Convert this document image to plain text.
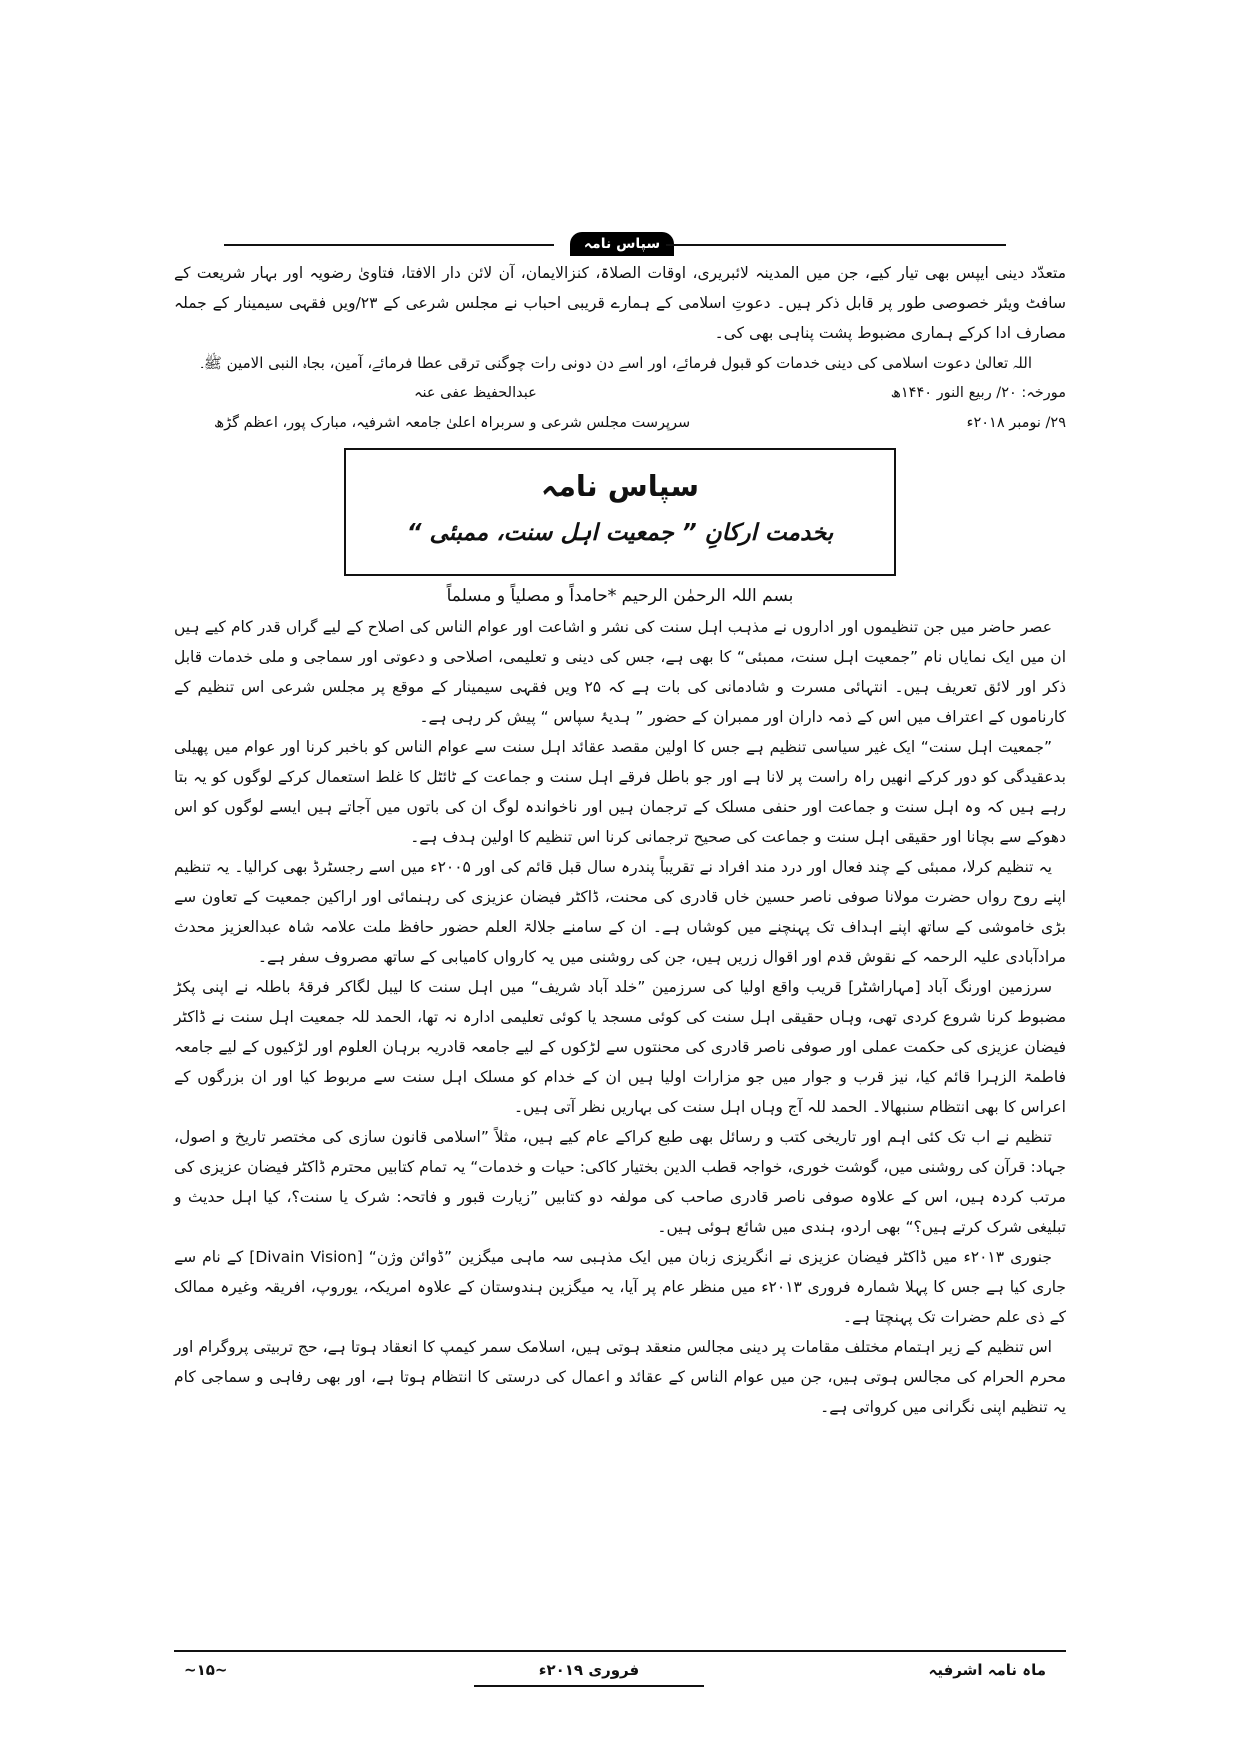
سپاس نامہ

متعدّد دینی ایپس بھی تیار کیے، جن میں المدینہ لائبریری، اوقات الصلاۃ، کنزالایمان، آن لائن دار الافتا، فتاویٰ رضویہ اور بہار شریعت کے سافٹ ویئر خصوصی طور پر قابل ذکر ہیں۔ دعوتِ اسلامی کے ہمارے قریبی احباب نے مجلس شرعی کے ۲۳/ویں فقہی سیمینار کے جملہ مصارف ادا کرکے ہماری مضبوط پشت پناہی بھی کی۔

اللہ تعالیٰ دعوت اسلامی کی دینی خدمات کو قبول فرمائے، اور اسے دن دونی رات چوگنی ترقی عطا فرمائے، آمین، بجاہ النبی الامین ﷺ۔

مورخہ: ۲۰/ ربیع النور ۱۴۴۰ھ
عبدالحفیظ عفی عنہ
۲۹/ نومبر ۲۰۱۸ء
سرپرست مجلس شرعی و سربراہ اعلیٰ جامعہ اشرفیہ، مبارک پور، اعظم گڑھ
سپاس نامہ
بخدمت ارکانِ ” جمعیت اہل سنت، ممبئی “
بسم اللہ الرحمٰن الرحیم *حامداً و مصلیاً و مسلماً

عصر حاضر میں جن تنظیموں اور اداروں نے مذہب اہل سنت کی نشر و اشاعت اور عوام الناس کی اصلاح کے لیے گراں قدر کام کیے ہیں ان میں ایک نمایاں نام ”جمعیت اہل سنت، ممبئی“ کا بھی ہے، جس کی دینی و تعلیمی، اصلاحی و دعوتی اور سماجی و ملی خدمات قابل ذکر اور لائق تعریف ہیں۔ انتہائی مسرت و شادمانی کی بات ہے کہ ۲۵ ویں فقہی سیمینار کے موقع پر مجلس شرعی اس تنظیم کے کارناموں کے اعتراف میں اس کے ذمہ داران اور ممبران کے حضور ” ہدیۂ سپاس “ پیش کر رہی ہے۔

”جمعیت اہل سنت“ ایک غیر سیاسی تنظیم ہے جس کا اولین مقصد عقائد اہل سنت سے عوام الناس کو باخبر کرنا اور عوام میں پھیلی بدعقیدگی کو دور کرکے انھیں راہ راست پر لانا ہے اور جو باطل فرقے اہل سنت و جماعت کے ٹائٹل کا غلط استعمال کرکے لوگوں کو یہ بتا رہے ہیں کہ وہ اہل سنت و جماعت اور حنفی مسلک کے ترجمان ہیں اور ناخواندہ لوگ ان کی باتوں میں آجاتے ہیں ایسے لوگوں کو اس دھوکے سے بچانا اور حقیقی اہل سنت و جماعت کی صحیح ترجمانی کرنا اس تنظیم کا اولین ہدف ہے۔

یہ تنظیم کرلا، ممبئی کے چند فعال اور درد مند افراد نے تقریباً پندرہ سال قبل قائم کی اور ۲۰۰۵ء میں اسے رجسٹرڈ بھی کرالیا۔ یہ تنظیم اپنے روح رواں حضرت مولانا صوفی ناصر حسین خاں قادری کی محنت، ڈاکٹر فیضان عزیزی کی رہنمائی اور اراکین جمعیت کے تعاون سے بڑی خاموشی کے ساتھ اپنے اہداف تک پہنچنے میں کوشاں ہے۔ ان کے سامنے جلالۃ العلم حضور حافظ ملت علامہ شاہ عبدالعزیز محدث مرادآبادی علیہ الرحمہ کے نقوش قدم اور اقوال زریں ہیں، جن کی روشنی میں یہ کارواں کامیابی کے ساتھ مصروف سفر ہے۔

سرزمین اورنگ آباد [مہاراشٹر] قریب واقع اولیا کی سرزمین ”خلد آباد شریف“ میں اہل سنت کا لیبل لگاکر فرقۂ باطلہ نے اپنی پکڑ مضبوط کرنا شروع کردی تھی، وہاں حقیقی اہل سنت کی کوئی مسجد یا کوئی تعلیمی ادارہ نہ تھا، الحمد للہ جمعیت اہل سنت نے ڈاکٹر فیضان عزیزی کی حکمت عملی اور صوفی ناصر قادری کی محنتوں سے لڑکوں کے لیے جامعہ قادریہ برہان العلوم اور لڑکیوں کے لیے جامعہ فاطمۃ الزہرا قائم کیا، نیز قرب و جوار میں جو مزارات اولیا ہیں ان کے خدام کو مسلک اہل سنت سے مربوط کیا اور ان بزرگوں کے اعراس کا بھی انتظام سنبھالا۔ الحمد للہ آج وہاں اہل سنت کی بہاریں نظر آتی ہیں۔

تنظیم نے اب تک کئی اہم اور تاریخی کتب و رسائل بھی طبع کراکے عام کیے ہیں، مثلاً ”اسلامی قانون سازی کی مختصر تاریخ و اصول، جہاد: قرآن کی روشنی میں، گوشت خوری، خواجہ قطب الدین بختیار کاکی: حیات و خدمات“ یہ تمام کتابیں محترم ڈاکٹر فیضان عزیزی کی مرتب کردہ ہیں، اس کے علاوہ صوفی ناصر قادری صاحب کی مولفہ دو کتابیں ”زیارت قبور و فاتحہ: شرک یا سنت؟، کیا اہل حدیث و تبلیغی شرک کرتے ہیں؟“ بھی اردو، ہندی میں شائع ہوئی ہیں۔

جنوری ۲۰۱۳ء میں ڈاکٹر فیضان عزیزی نے انگریزی زبان میں ایک مذہبی سہ ماہی میگزین ”ڈوائن وژن“ [Divain Vision] کے نام سے جاری کیا ہے جس کا پہلا شمارہ فروری ۲۰۱۳ء میں منظر عام پر آیا، یہ میگزین ہندوستان کے علاوہ امریکہ، یوروپ، افریقہ وغیرہ ممالک کے ذی علم حضرات تک پہنچتا ہے۔

اس تنظیم کے زیر اہتمام مختلف مقامات پر دینی مجالس منعقد ہوتی ہیں، اسلامک سمر کیمپ کا انعقاد ہوتا ہے، حج تربیتی پروگرام اور محرم الحرام کی مجالس ہوتی ہیں، جن میں عوام الناس کے عقائد و اعمال کی درستی کا انتظام ہوتا ہے، اور بھی رفاہی و سماجی کام یہ تنظیم اپنی نگرانی میں کرواتی ہے۔

ماہ نامہ اشرفیہ
فروری ۲۰۱۹ء
~۱۵~
